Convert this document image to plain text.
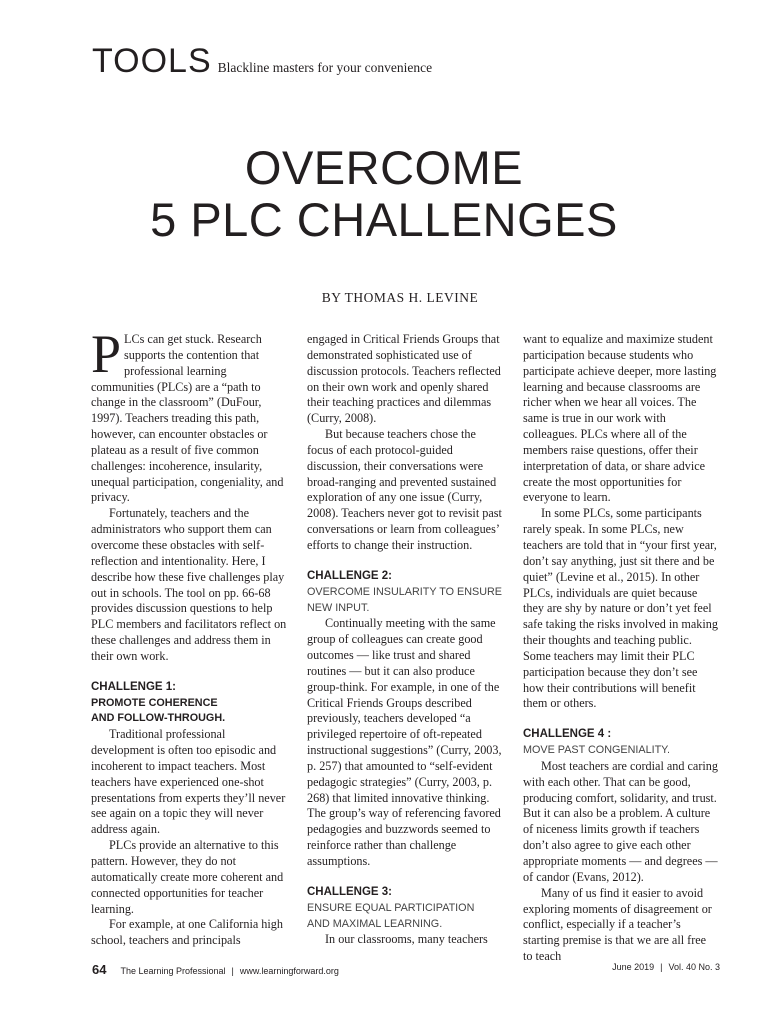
TOOLS Blackline masters for your convenience
OVERCOME
5 PLC CHALLENGES
BY THOMAS H. LEVINE

P LCs can get stuck. Research supports the contention that professional learning communities (PLCs) are a “path to change in the classroom” (DuFour, 1997). Teachers treading this path, however, can encounter obstacles or plateau as a result of five common challenges: incoherence, insularity, unequal participation, congeniality, and privacy.

Fortunately, teachers and the administrators who support them can overcome these obstacles with self-reflection and intentionality. Here, I describe how these five challenges play out in schools. The tool on pp. 66-68 provides discussion questions to help PLC members and facilitators reflect on these challenges and address them in their own work.

CHALLENGE 1:
PROMOTE COHERENCE
AND FOLLOW-THROUGH.

Traditional professional development is often too episodic and incoherent to impact teachers. Most teachers have experienced one-shot presentations from experts they’ll never see again on a topic they will never address again.

PLCs provide an alternative to this pattern. However, they do not automatically create more coherent and connected opportunities for teacher learning.

For example, at one California high school, teachers and principals

engaged in Critical Friends Groups that demonstrated sophisticated use of discussion protocols. Teachers reflected on their own work and openly shared their teaching practices and dilemmas (Curry, 2008).

But because teachers chose the focus of each protocol-guided discussion, their conversations were broad-ranging and prevented sustained exploration of any one issue (Curry, 2008). Teachers never got to revisit past conversations or learn from colleagues’ efforts to change their instruction.

CHALLENGE 2:
OVERCOME INSULARITY TO ENSURE
NEW INPUT.

Continually meeting with the same group of colleagues can create good outcomes — like trust and shared routines — but it can also produce group-think. For example, in one of the Critical Friends Groups described previously, teachers developed “a privileged repertoire of oft-repeated instructional suggestions” (Curry, 2003, p. 257) that amounted to “self-evident pedagogic strategies” (Curry, 2003, p. 268) that limited innovative thinking. The group’s way of referencing favored pedagogies and buzzwords seemed to reinforce rather than challenge assumptions.

CHALLENGE 3:
ENSURE EQUAL PARTICIPATION
AND MAXIMAL LEARNING.

In our classrooms, many teachers

want to equalize and maximize student participation because students who participate achieve deeper, more lasting learning and because classrooms are richer when we hear all voices. The same is true in our work with colleagues. PLCs where all of the members raise questions, offer their interpretation of data, or share advice create the most opportunities for everyone to learn.

In some PLCs, some participants rarely speak. In some PLCs, new teachers are told that in “your first year, don’t say anything, just sit there and be quiet” (Levine et al., 2015). In other PLCs, individuals are quiet because they are shy by nature or don’t yet feel safe taking the risks involved in making their thoughts and teaching public. Some teachers may limit their PLC participation because they don’t see how their contributions will benefit them or others.

CHALLENGE 4 :
MOVE PAST CONGENIALITY.

Most teachers are cordial and caring with each other. That can be good, producing comfort, solidarity, and trust. But it can also be a problem. A culture of niceness limits growth if teachers don’t also agree to give each other appropriate moments — and degrees — of candor (Evans, 2012).

Many of us find it easier to avoid exploring moments of disagreement or conflict, especially if a teacher’s starting premise is that we are all free to teach

64 The Learning Professional | www.learningforward.org	June 2019 | Vol. 40 No. 3
